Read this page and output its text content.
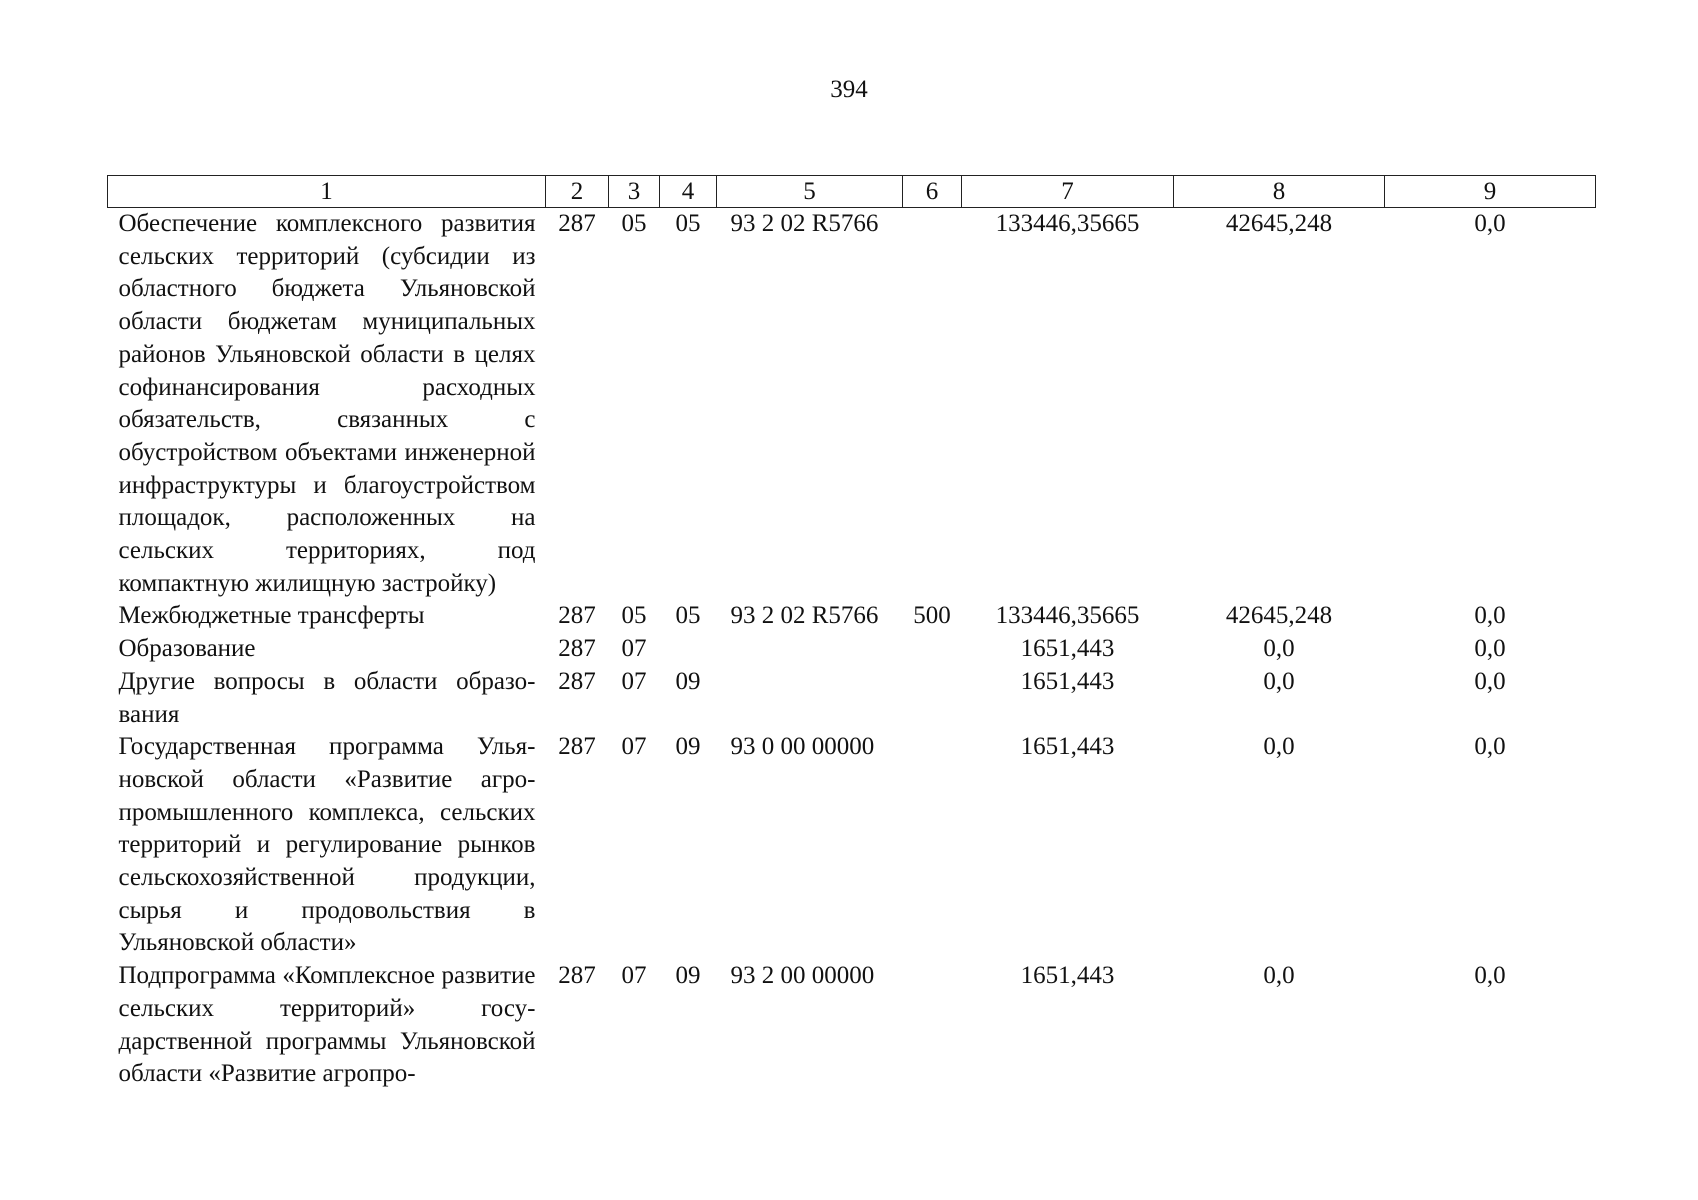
394
1	2	3	4	5	6	7	8	9
Обеспечение комплексного развития сельских территорий (субсидии из областного бюджета Ульяновской области бюджетам муниципальных районов Ульяновской области в целях софинансирования расходных обязательств, связанных с обустройством объектами инженерной инфраструктуры и благоустройством площадок, расположенных на сельских территориях, под компактную жилищную застройку)	287	05	05	93 2 02 R5766		133446,35665	42645,248	0,0
Межбюджетные трансферты	287	05	05	93 2 02 R5766	500	133446,35665	42645,248	0,0
Образование	287	07				1651,443	0,0	0,0
Другие вопросы в области образования	287	07	09			1651,443	0,0	0,0
Государственная программа Ульяновской области «Развитие агропромышленного комплекса, сельских территорий и регулирование рынков сельскохозяйственной продукции, сырья и продовольствия в Ульяновской области»	287	07	09	93 0 00 00000		1651,443	0,0	0,0
Подпрограмма «Комплексное развитие сельских территорий» государственной программы Ульяновской области «Развитие агропро-	287	07	09	93 2 00 00000		1651,443	0,0	0,0
